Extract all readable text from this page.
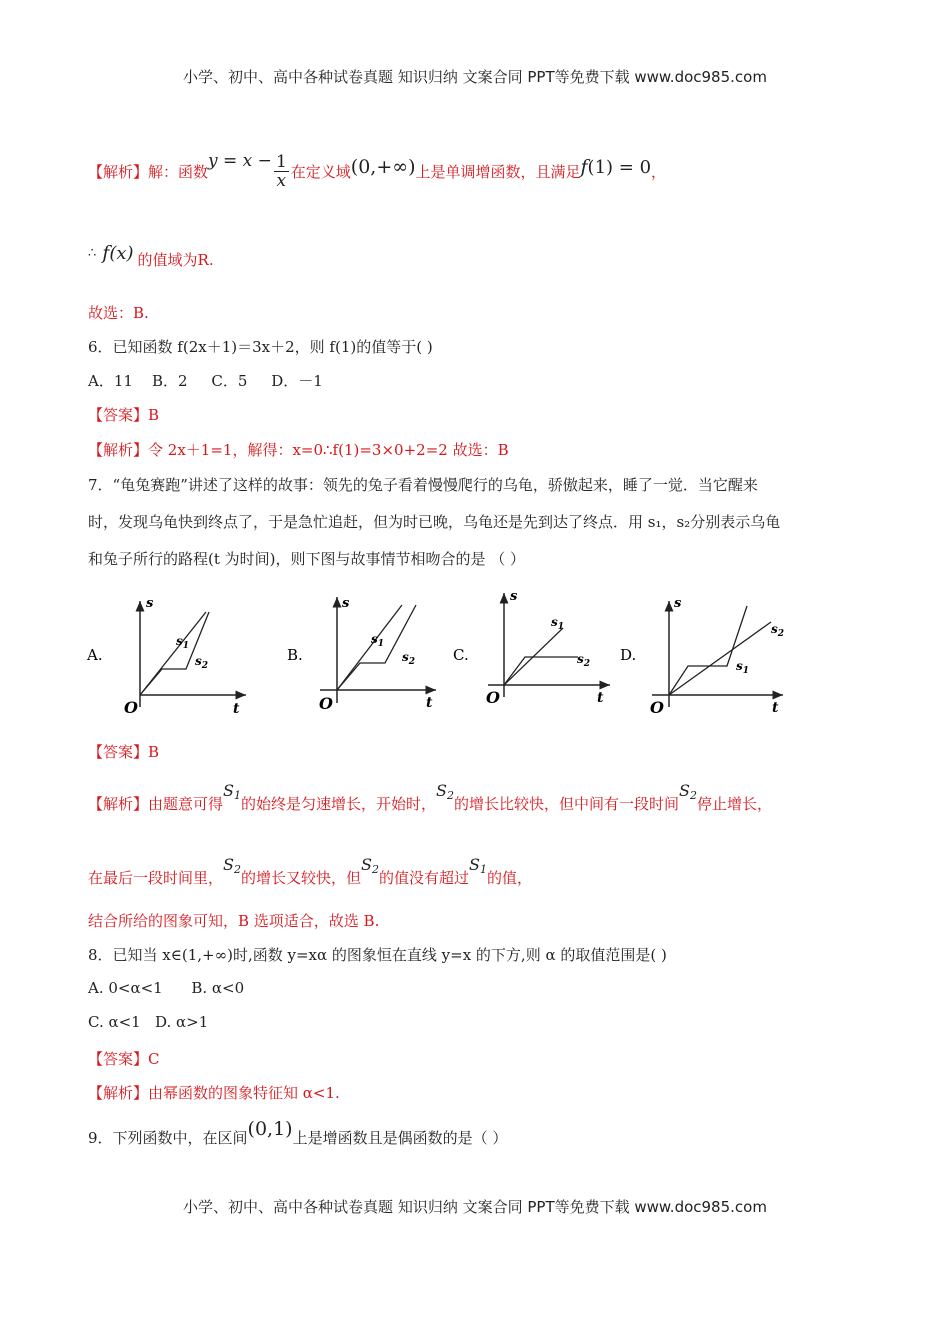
小学、初中、高中各种试卷真题 知识归纳 文案合同 PPT等免费下载 www.doc985.com
【解析】 解：函数
$y = x - \frac{1}{x}$ 在定义域 (0,+∞) 上是单调增函数，且满足 f (1) = 0 ，
∴ f (x) 的值域为R.
故选：B.
6．已知函数 f(2x＋1)＝3x＋2，则 f(1)的值等于( )
A．11    B．2     C．5     D．－1
【答案】B
【解析】令 2x＋1=1，解得：x=0∴f(1)=3×0+2=2 故选：B
7．“龟兔赛跑”讲述了这样的故事：领先的兔子看着慢慢爬行的乌龟，骄傲起来，睡了一觉．当它醒来
时，发现乌龟快到终点了，于是急忙追赶，但为时已晚，乌龟还是先到达了终点．用 s₁，s₂分别表示乌龟
和兔子所行的路程(t 为时间)，则下图与故事情节相吻合的是 （ ）
A.
s
t
O
$s_1$
$s_2$
B.
s
t
O
$s_1$
$s_2$	C.
s
t
O
$s_1$
$s_2$ D.
s
t
O
$s_2$
$s_1$
【答案】B
【解析】 由题意可得
S1 的始终是匀速增长，开始时，
S2 的增长比较快，但中间有一段时间
S2 停止增长，
在最后一段时间里，
S2 的增长又较快，但
S2 的值没有超过
S1 的值，
结合所给的图象可知，B 选项适合，故选 B.
8．已知当 x∈(1,+∞)时,函数 y=xα 的图象恒在直线 y=x 的下方,则 α 的取值范围是( )
A. 0<α<1      B. α<0
C. α<1   D. α>1
【答案】C
【解析】由幂函数的图象特征知 α<1.
9．下列函数中，在区间 (0,1) 上是增函数且是偶函数的是（ ）
小学、初中、高中各种试卷真题 知识归纳 文案合同 PPT等免费下载 www.doc985.com
